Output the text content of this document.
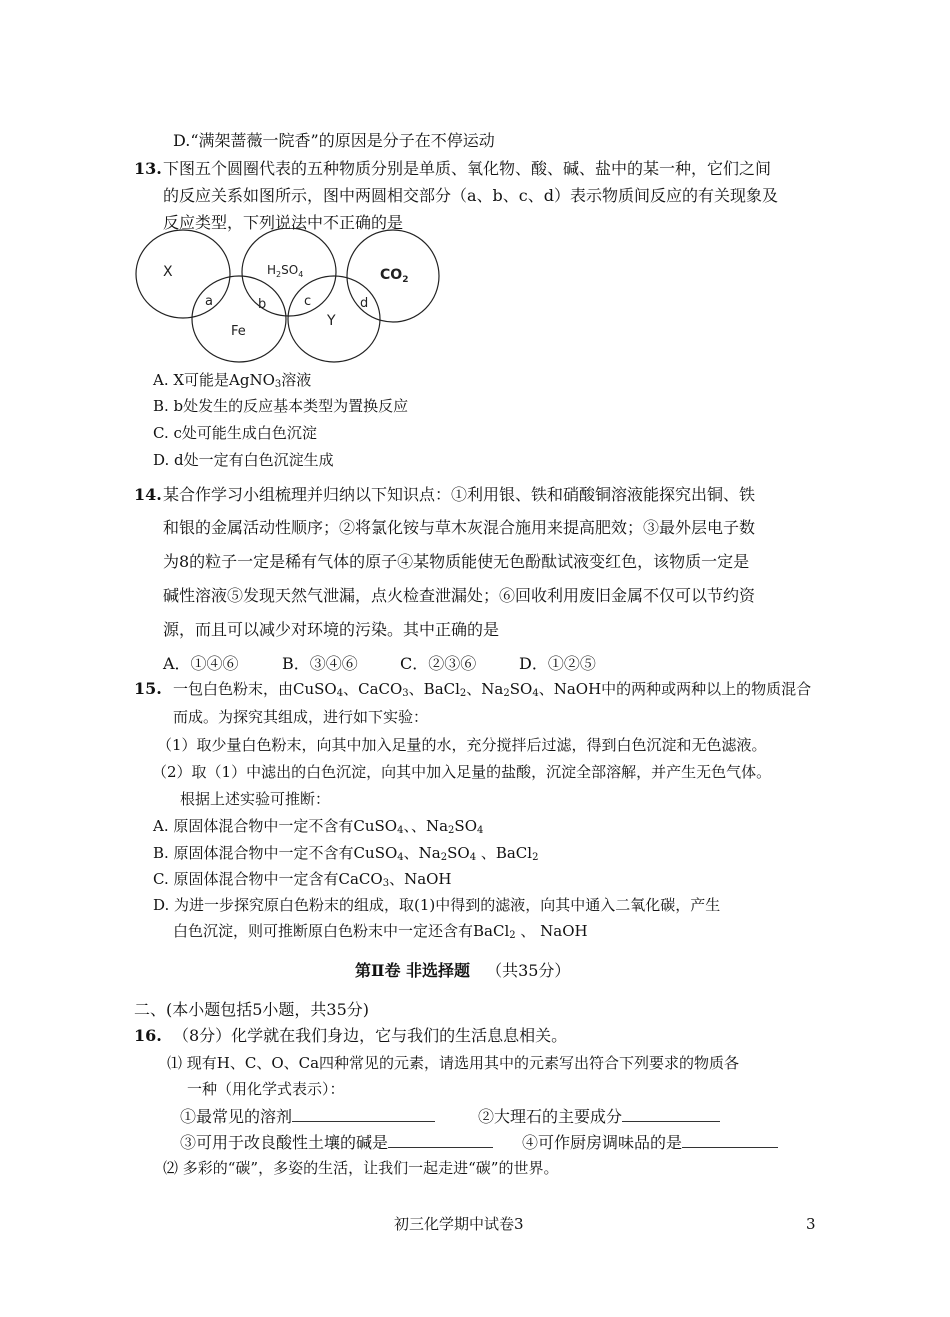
D.“满架蔷薇一院香”的原因是分子在不停运动
13. 下图五个圆圈代表的五种物质分别是单质、氧化物、酸、碱、盐中的某一种，它们之间
的反应关系如图所示，图中两圆相交部分（a、b、c、d）表示物质间反应的有关现象及
反应类型，下列说法中不正确的是
X	$H_2SO_4$	$CO_2$
Fe
Y
a	b	c	d
A. X可能是AgNO$_3$溶液
B. b处发生的反应基本类型为置换反应
C. c处可能生成白色沉淀
D. d处一定有白色沉淀生成
14. 某合作学习小组梳理并归纳以下知识点：①利用银、铁和硝酸铜溶液能探究出铜、铁
和银的金属活动性顺序；②将氯化铵与草木灰混合施用来提高肥效；③最外层电子数
为8的粒子一定是稀有气体的原子④某物质能使无色酚酞试液变红色，该物质一定是
碱性溶液⑤发现天然气泄漏，点火检查泄漏处；⑥回收利用废旧金属不仅可以节约资
源，而且可以减少对环境的污染。其中正确的是
A．①④⑥	B．③④⑥	C．②③⑥	D．①②⑤
15. 一包白色粉末，由CuSO$_4$、CaCO$_3$、BaCl$_2$、$Na_2SO_4$、NaOH中的两种或两种以上的物质混合
而成。为探究其组成，进行如下实验：
（1）取少量白色粉末，向其中加入足量的水，充分搅拌后过滤，得到白色沉淀和无色滤液。
（2）取（1）中滤出的白色沉淀，向其中加入足量的盐酸，沉淀全部溶解，并产生无色气体。
根据上述实验可推断：
A. 原固体混合物中一定不含有CuSO$_4$、、$Na_2SO_4$
B. 原固体混合物中一定不含有CuSO$_4$、$Na_2SO_4$ 、BaCl$_2$
C. 原固体混合物中一定含有CaCO$_3$、NaOH
D. 为进一步探究原白色粉末的组成，取(1)中得到的滤液，向其中通入二氧化碳，产生
白色沉淀，则可推断原白色粉末中一定还含有BaCl$_2$ 、 NaOH
第Ⅱ卷 非选择题 （共35分）
二、(本小题包括5小题，共35分)
16. （8分）化学就在我们身边，它与我们的生活息息相关。
⑴ 现有H、C、O、Ca四种常见的元素，请选用其中的元素写出符合下列要求的物质各
一种（用化学式表示）：
①最常见的溶剂	②大理石的主要成分
③可用于改良酸性土壤的碱是	④可作厨房调味品的是
⑵ 多彩的“碳”，多姿的生活，让我们一起走进“碳”的世界。
初三化学期中试卷3	3
